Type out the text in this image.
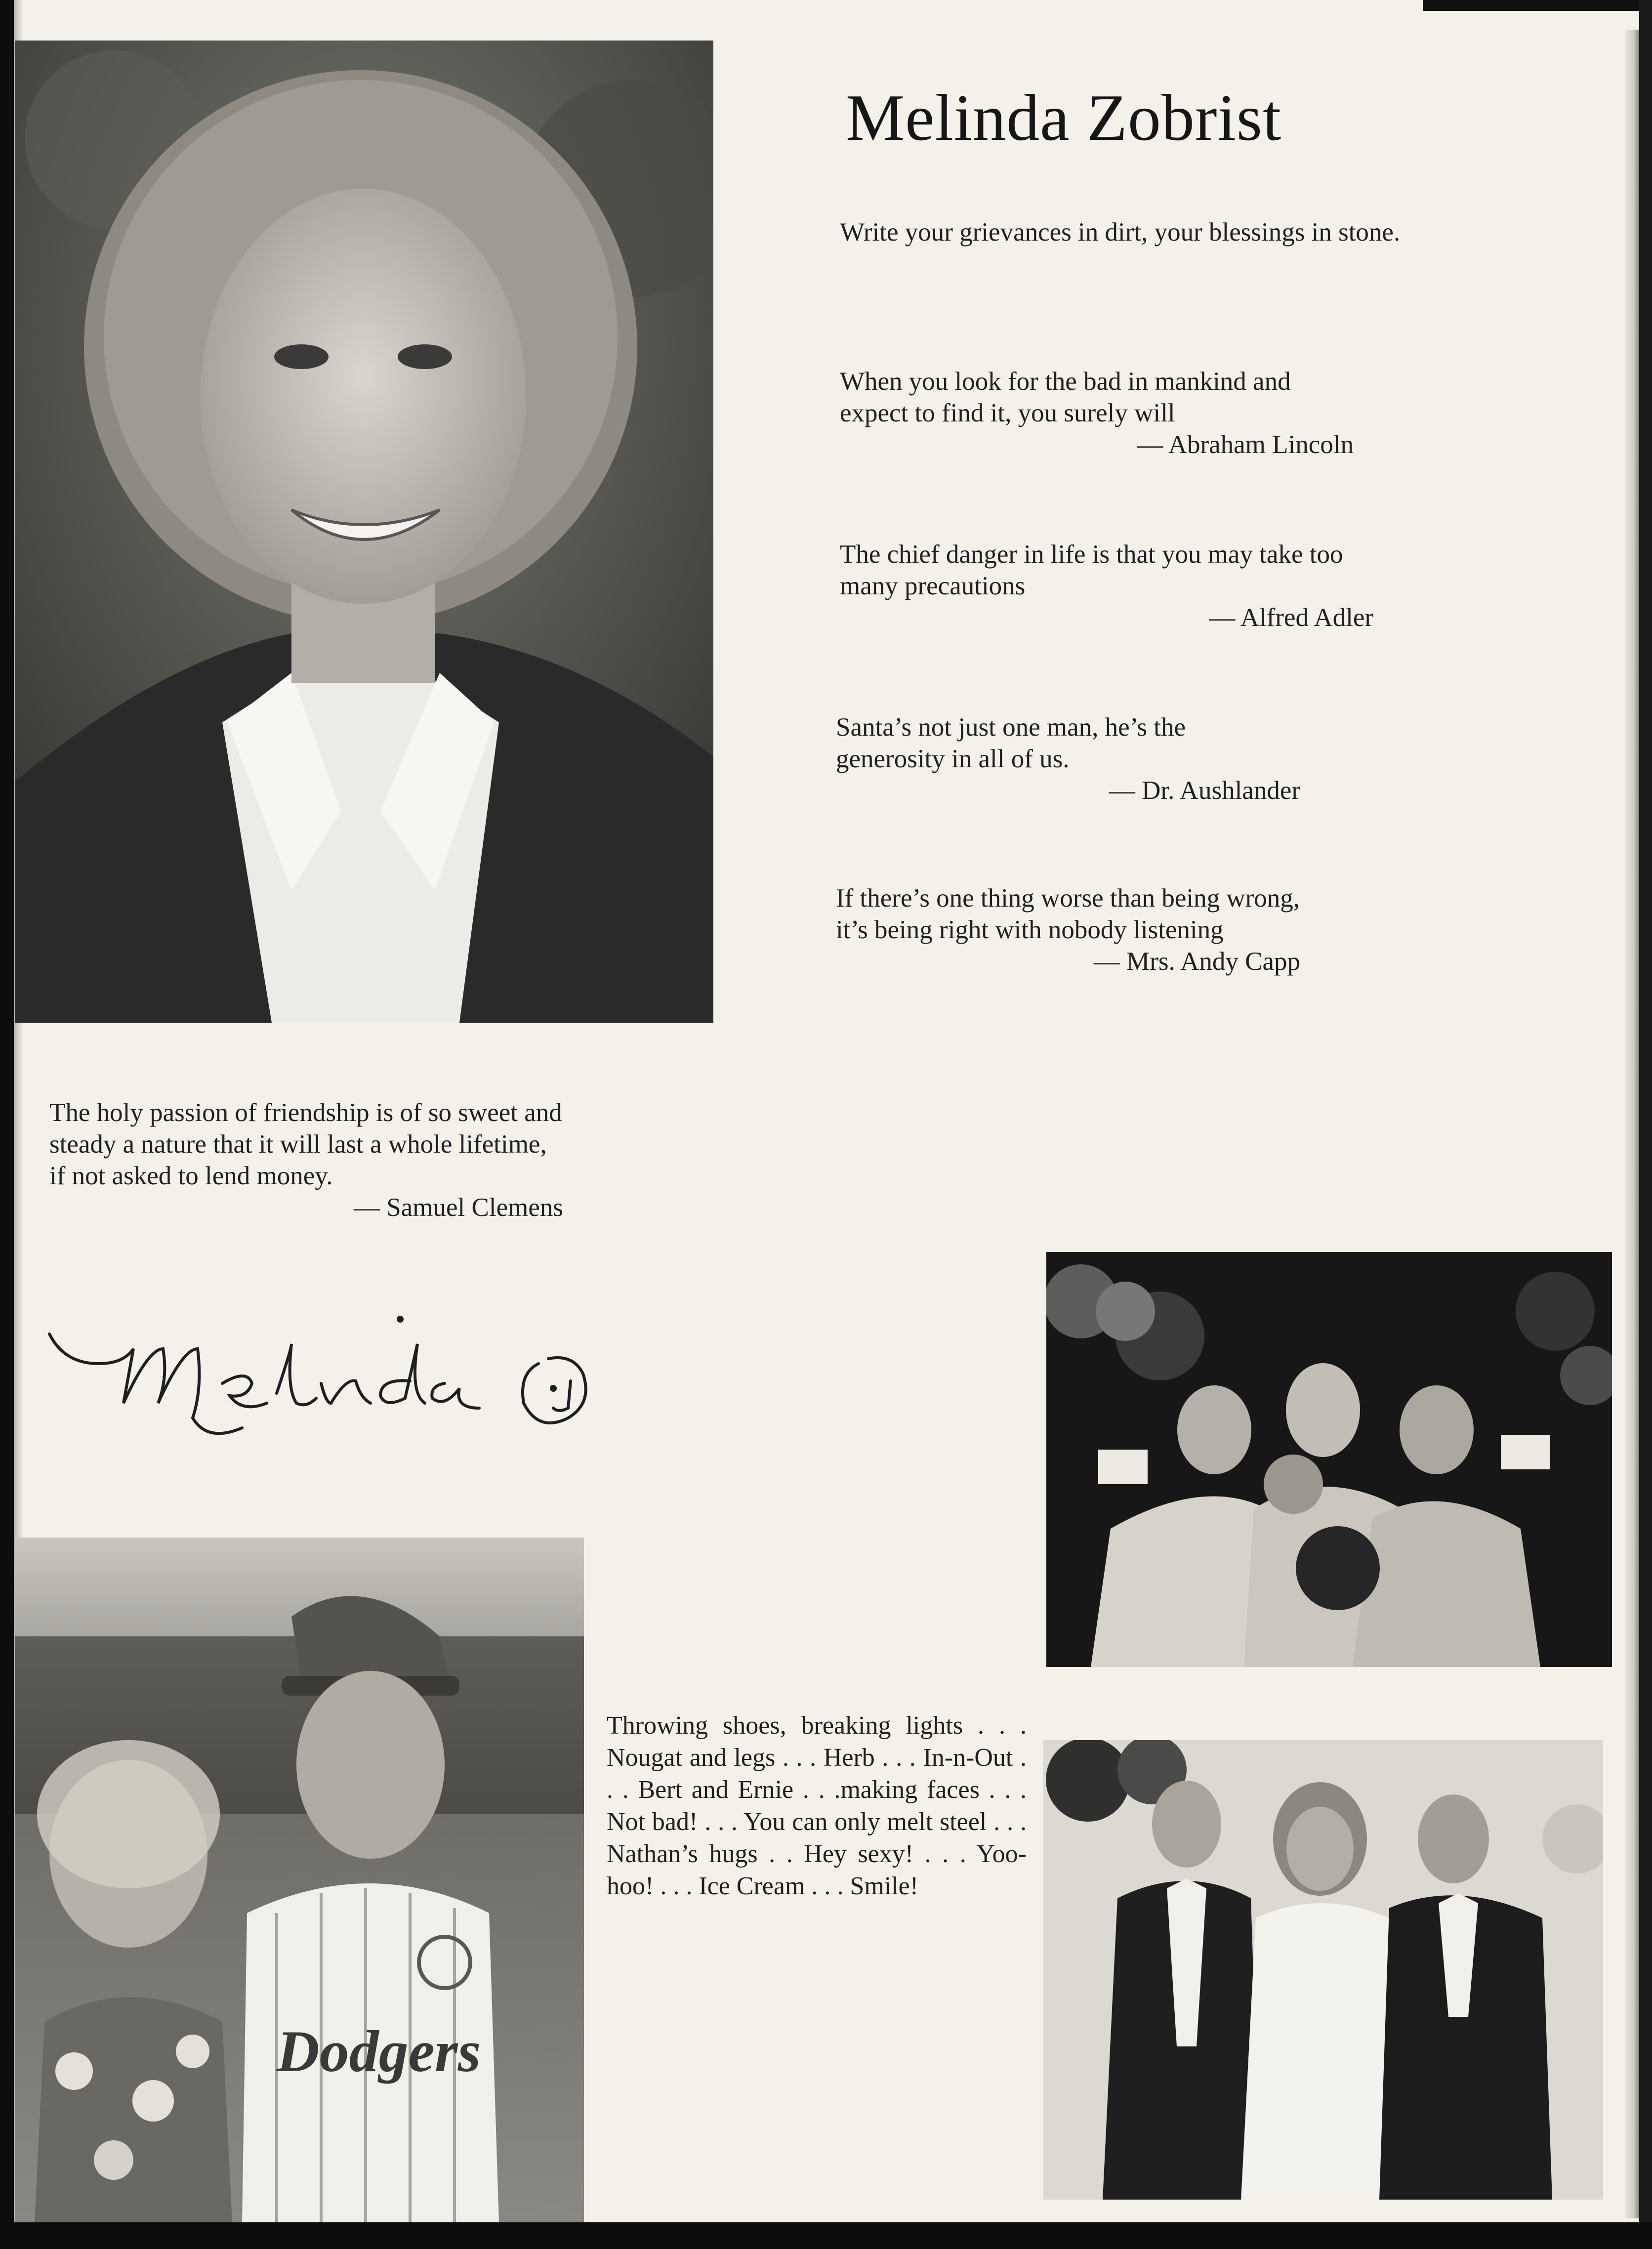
Melinda Zobrist

Write your grievances in dirt, your blessings in stone.

When you look for the bad in mankind and expect to find it, you surely will

— Abraham Lincoln

The chief danger in life is that you may take too many precautions

— Alfred Adler

Santa’s not just one man, he’s the generosity in all of us.

— Dr. Aushlander

If there’s one thing worse than being wrong, it’s being right with nobody listening

— Mrs. Andy Capp

The holy passion of friendship is of so sweet and steady a nature that it will last a whole lifetime, if not asked to lend money.

— Samuel Clemens

Dodgers
Throwing shoes, breaking lights . . . Nougat and legs . . . Herb . . . In-n-Out . . . Bert and Ernie . . .making faces . . . Not bad! . . . You can only melt steel . . . Nathan’s hugs . . Hey sexy! . . . Yoo-hoo! . . . Ice Cream . . . Smile!
